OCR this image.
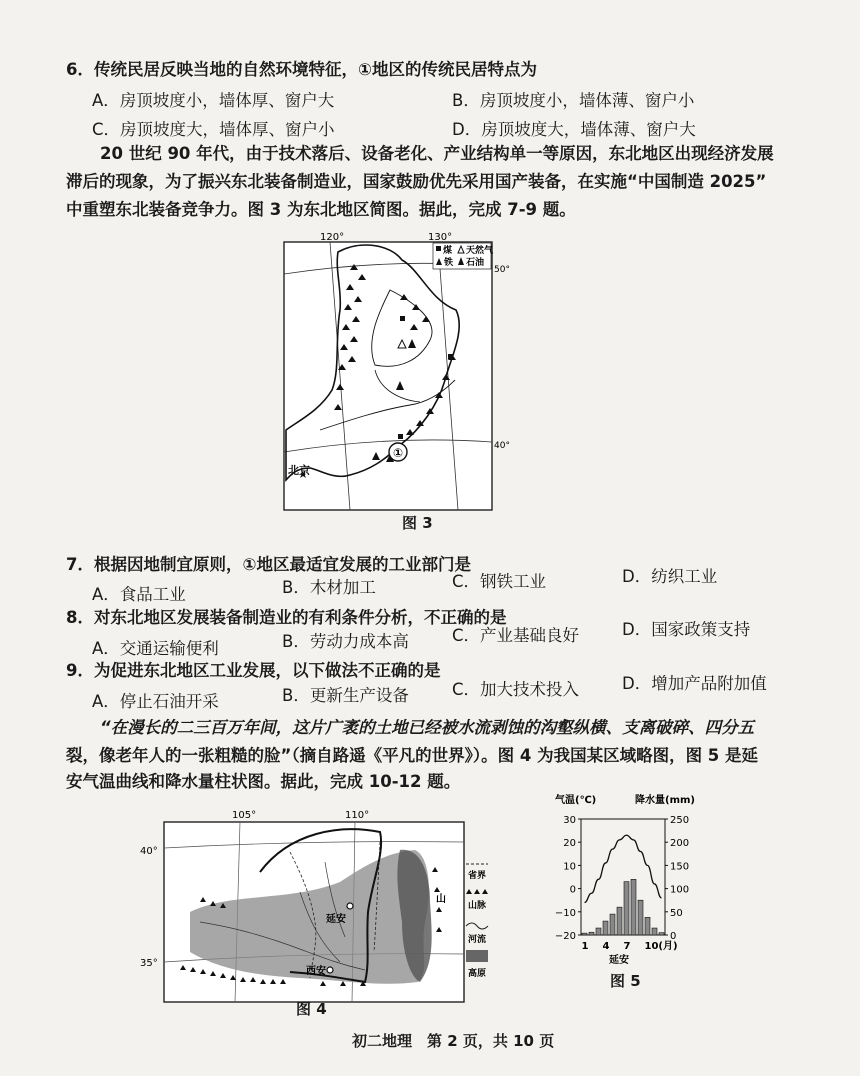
6．传统民居反映当地的自然环境特征，①地区的传统民居特点为
A．房顶坡度小，墙体厚、窗户大	B．房顶坡度小，墙体薄、窗户小
C．房顶坡度大，墙体厚、窗户小	D．房顶坡度大，墙体薄、窗户大
20 世纪 90 年代，由于技术落后、设备老化、产业结构单一等原因，东北地区出现经济发展
滞后的现象，为了振兴东北装备制造业，国家鼓励优先采用国产装备，在实施“中国制造 2025”
中重塑东北装备竞争力。图 3 为东北地区简图。据此，完成 7-9 题。
①
北京
煤 天然气
铁 石油
120°	130°
50°
40°
图 3
7．根据因地制宜原则，①地区最适宜发展的工业部门是
A．食品工业	B．木材加工	C．钢铁工业	D．纺织工业
8．对东北地区发展装备制造业的有利条件分析，不正确的是
A．交通运输便利	B．劳动力成本高	C．产业基础良好	D．国家政策支持
9．为促进东北地区工业发展，以下做法不正确的是
A．停止石油开采	B．更新生产设备	C．加大技术投入	D．增加产品附加值
“在漫长的二三百万年间，这片广袤的土地已经被水流剥蚀的沟壑纵横、支离破碎、四分五
裂，像老年人的一张粗糙的脸”（摘自路遥《平凡的世界》）。图 4 为我国某区域略图，图 5 是延
安气温曲线和降水量柱状图。据此，完成 10-12 题。
延安
西安
山
105°	110°
40°
35°
省界
山脉
河流
高原
图 4
气温(℃)	降水量(mm)
30
20
10
0
−10
−20
250
200
150
100
50
0
1 4 7 10(月)
延安
图 5
初二地理　第 2 页，共 10 页
